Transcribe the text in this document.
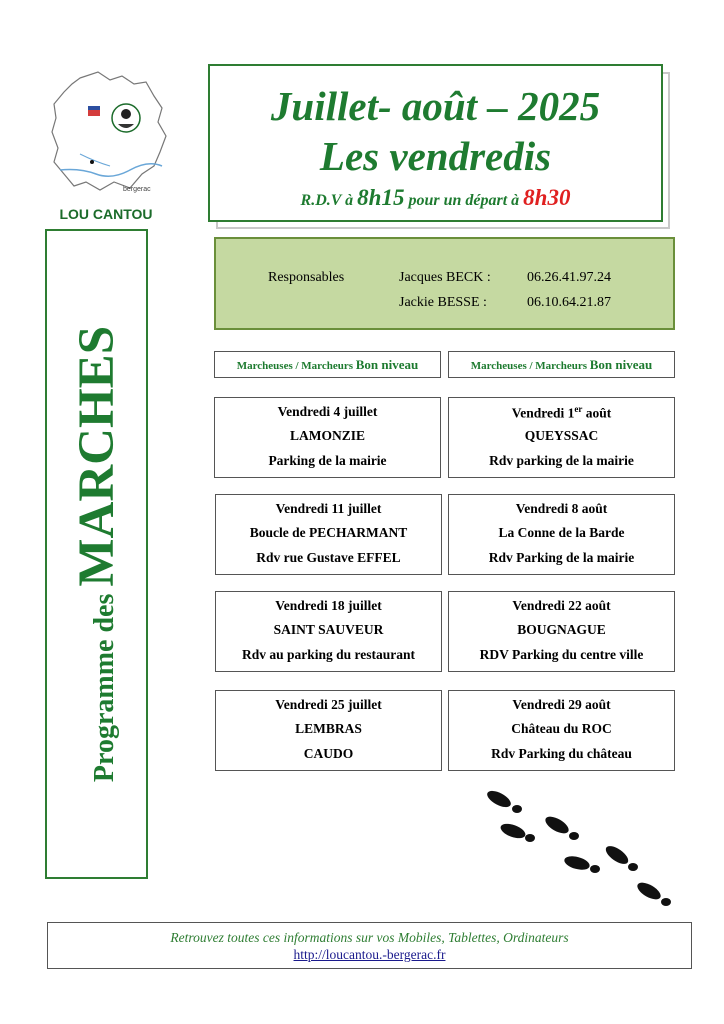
LOU CANTOU
bergerac
Juillet- août – 2025
Les vendredis
R.D.V à 8h15 pour un départ à 8h30
Responsables	Jacques BECK :	06.26.41.97.24
Jackie BESSE :	06.10.64.21.87
Programme des MARCHES	Marcheuses / Marcheurs Bon niveau	Marcheuses / Marcheurs Bon niveau
Vendredi 4 juillet
LAMONZIE
Parking de la mairie
Vendredi 11 juillet
Boucle de PECHARMANT
Rdv rue Gustave EFFEL
Vendredi 18 juillet
SAINT SAUVEUR
Rdv au parking du restaurant
Vendredi 25 juillet
LEMBRAS
CAUDO
Vendredi 1er août
QUEYSSAC
Rdv parking de la mairie
Vendredi 8 août
La Conne de la Barde
Rdv Parking de la mairie
Vendredi 22 août
BOUGNAGUE
RDV Parking du centre ville
Vendredi 29 août
Château du ROC
Rdv Parking du château
Retrouvez toutes ces informations sur vos Mobiles, Tablettes, Ordinateurs
http://loucantou.-bergerac.fr
